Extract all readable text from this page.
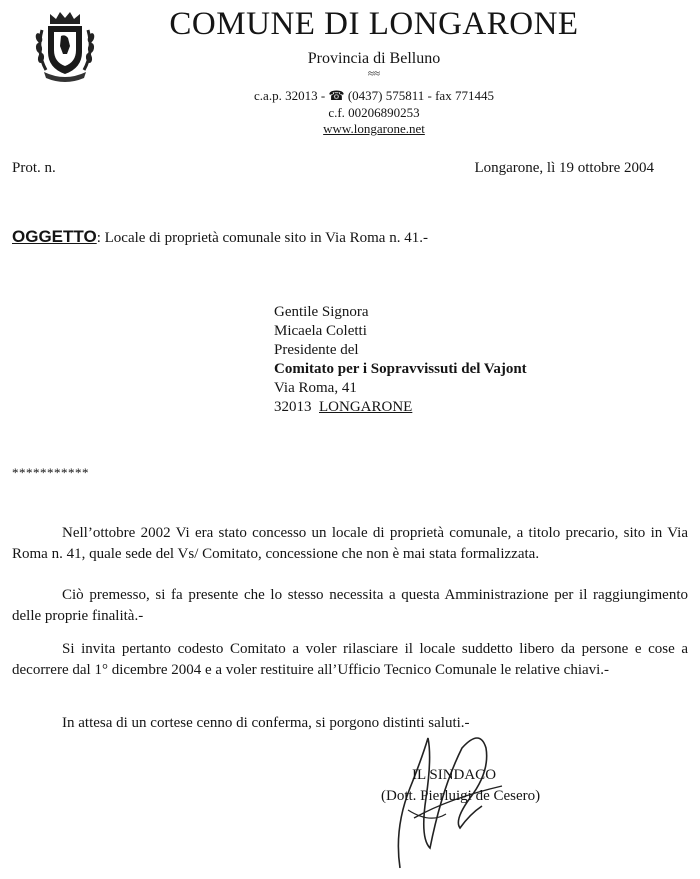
COMUNE DI LONGARONE
Provincia di Belluno
≈≈
c.a.p. 32013 - ☎ (0437) 575811 - fax 771445
c.f. 00206890253
www.longarone.net
Prot. n.	Longarone, lì 19 ottobre 2004
OGGETTO: Locale di proprietà comunale sito in Via Roma n. 41.-
Gentile Signora
Micaela Coletti
Presidente del
Comitato per i Sopravvissuti del Vajont
Via Roma, 41
32013 LONGARONE
***********
Nell’ottobre 2002 Vi era stato concesso un locale di proprietà comunale, a titolo precario, sito in Via Roma n. 41, quale sede del Vs/ Comitato, concessione che non è mai stata formalizzata.
Ciò premesso, si fa presente che lo stesso necessita a questa Amministrazione per il raggiungimento delle proprie finalità.-
Si invita pertanto codesto Comitato a voler rilasciare il locale suddetto libero da persone e cose a decorrere dal 1° dicembre 2004 e a voler restituire all’Ufficio Tecnico Comunale le relative chiavi.-
In attesa di un cortese cenno di conferma, si porgono distinti saluti.-
IL SINDACO
(Dott. Pierluigi de Cesero)
